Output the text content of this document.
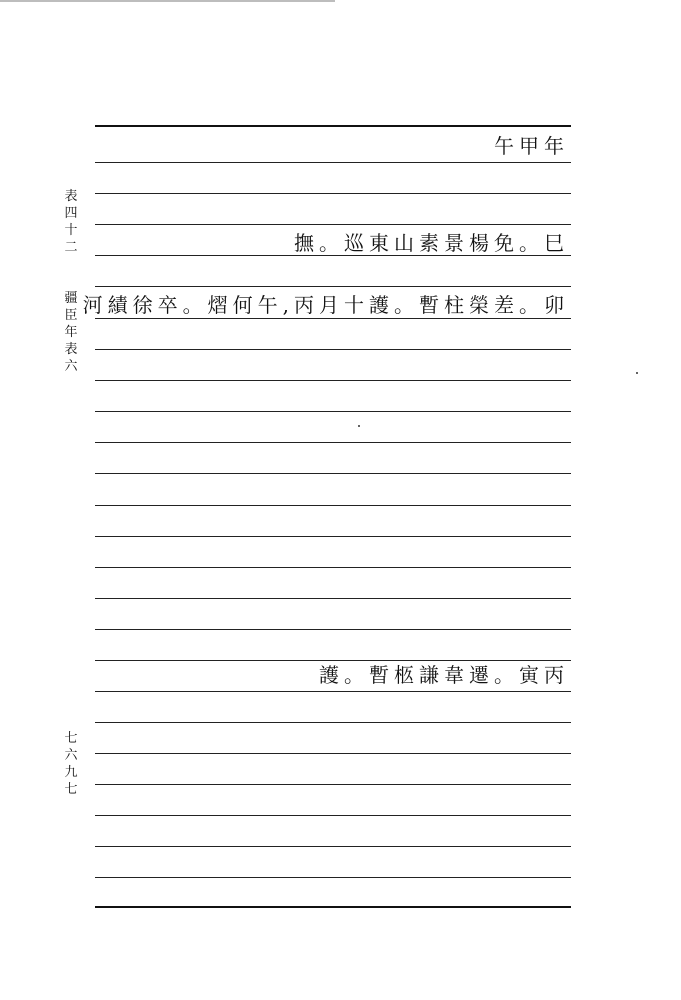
表四十二
疆臣年表六
七六九七
午甲年
撫。巡東山素景楊免。巳
河績徐卒。熠何午,丙月十護。暫柱榮差。卯
護。暫柩謙韋遷。寅丙
